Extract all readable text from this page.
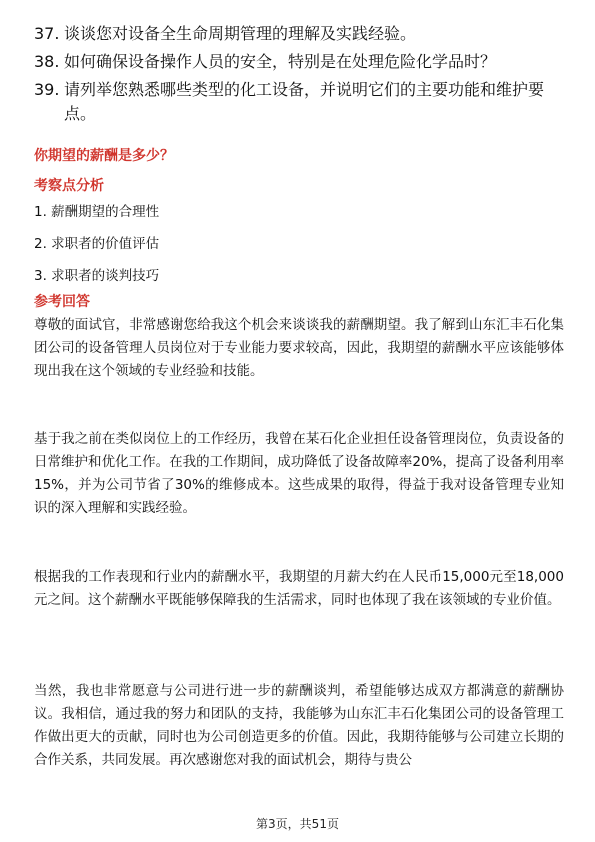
37. 谈谈您对设备全生命周期管理的理解及实践经验。
38. 如何确保设备操作人员的安全，特别是在处理危险化学品时？
39. 请列举您熟悉哪些类型的化工设备，并说明它们的主要功能和维护要点。
你期望的薪酬是多少？
考察点分析
1. 薪酬期望的合理性
2. 求职者的价值评估
3. 求职者的谈判技巧
参考回答

尊敬的面试官，非常感谢您给我这个机会来谈谈我的薪酬期望。我了解到山东汇丰石化集团公司的设备管理人员岗位对于专业能力要求较高，因此，我期望的薪酬水平应该能够体现出我在这个领域的专业经验和技能。

基于我之前在类似岗位上的工作经历，我曾在某石化企业担任设备管理岗位，负责设备的日常维护和优化工作。在我的工作期间，成功降低了设备故障率20%，提高了设备利用率15%，并为公司节省了30%的维修成本。这些成果的取得，得益于我对设备管理专业知识的深入理解和实践经验。

根据我的工作表现和行业内的薪酬水平，我期望的月薪大约在人民币15,000元至18,000元之间。这个薪酬水平既能够保障我的生活需求，同时也体现了我在该领域的专业价值。

当然，我也非常愿意与公司进行进一步的薪酬谈判，希望能够达成双方都满意的薪酬协议。我相信，通过我的努力和团队的支持，我能够为山东汇丰石化集团公司的设备管理工作做出更大的贡献，同时也为公司创造更多的价值。因此，我期待能够与公司建立长期的合作关系，共同发展。再次感谢您对我的面试机会，期待与贵公

第3页，共51页
